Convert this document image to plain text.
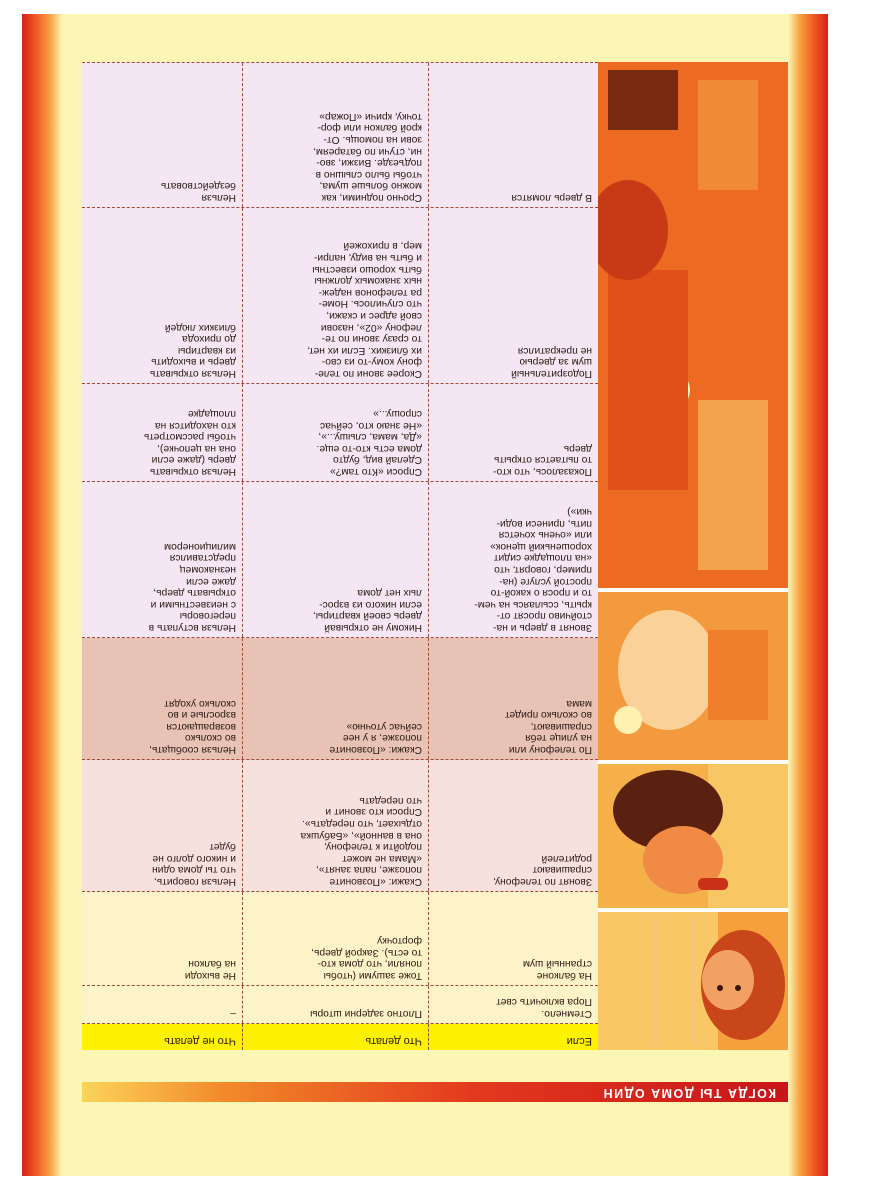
КОГДА ТЫ ДОМА ОДИН
Если
Что делать
Что не делать
Стемнело.
Пора включить свет
Плотно задерни шторы
–
На балконе
странный шум
Тоже зашуми (чтобы
поняли, что дома кто-
то есть). Закрой дверь,
форточку
Не выходи
на балкон
Звонят по телефону,
спрашивают
родителей
Скажи: «Позвоните
попозже, папа занят»,
«Мама не может
подойти к телефону,
она в ванной», «Бабушка
отдыхает, что передать».
Спроси кто звонит и
что передать
Нельзя говорить,
что ты дома один
и никого долго не
будет
По телефону или
на улице тебя
спрашивают,
во сколько придет
мама
Скажи: «Позвоните
попозже, я у нее
сейчас уточню»
Нельзя сообщать,
во сколько
возвращаются
взрослые и во
сколько уходят
Звонят в дверь и на-
стойчиво просят от-
крыть, ссылаясь на чем-
то и прося о какой-то
простой услуге (на-
пример, говорят, что
«на площадке сидит
хорошенький щенок»
или «очень хочется
пить, принеси води-
чки»)
Никому не открывай
дверь своей квартиры,
если никого из взрос-
лых нет дома
Нельзя вступать в
переговоры
с неизвестными и
открывать дверь,
даже если
незнакомец
представился
милиционером
Показалось, что кто-
то пытается открыть
дверь
Спроси «Кто там?»
Сделай вид, будто
дома есть кто-то еще.
«Да, мама, слышу...»,
«Не знаю кто, сейчас
спрошу...»
Нельзя открывать
дверь (даже если
она на цепочке),
чтобы рассмотреть
кто находится на
площадке
Подозрительный
шум за дверью
не прекратился
Скорее звони по теле-
фону кому-то из сво-
их близких. Если их нет,
то сразу звони по те-
лефону «02», назови
свой адрес и скажи,
что случилось. Номе-
ра телефонов надеж-
ных знакомых должны
быть хорошо известны
и быть на виду, напри-
мер, в прихожей
Нельзя открывать
дверь и выходить
из квартиры
до прихода
близких людей
В дверь ломятся
Срочно подними, как
можно больше шума,
чтобы было слышно в
подъезде. Визжи, зво-
ни, стучи по батареям,
зови на помощь. От-
крой балкон или фор-
точку, кричи «Пожар»
Нельзя
бездействовать
